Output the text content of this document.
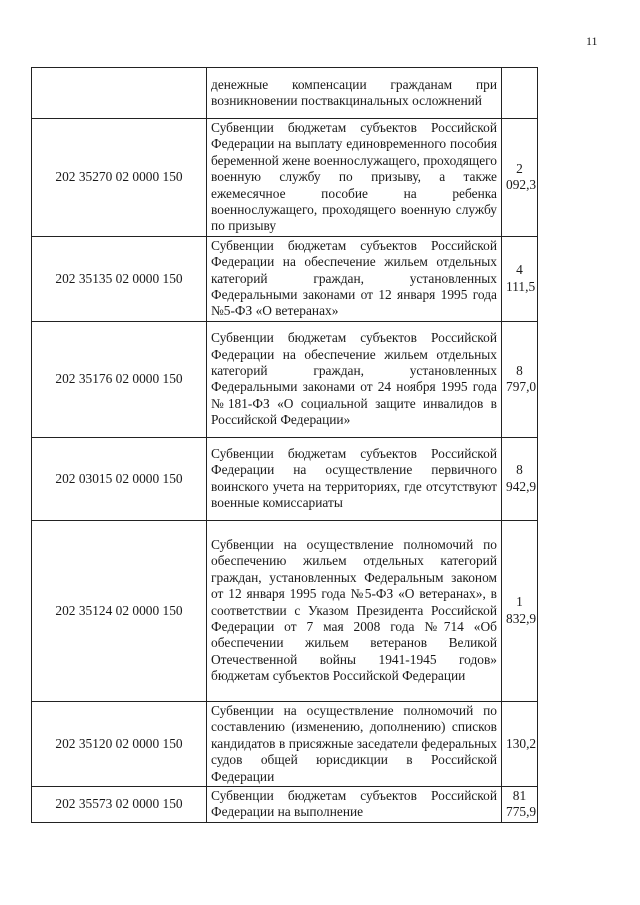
11
	денежные компенсации гражданам при возникновении поствакцинальных осложнений	
202 35270 02 0000 150	Субвенции бюджетам субъектов Российской Федерации на выплату единовременного пособия беременной жене военнослужащего, проходящего военную службу по призыву, а также ежемесячное пособие на ребенка военнослужащего, проходящего военную службу по призыву	2 092,3
202 35135 02 0000 150	Субвенции бюджетам субъектов Российской Федерации на обеспечение жильем отдельных категорий граждан, установленных Федеральными законами от 12 января 1995 года №5-ФЗ «О ветеранах»	4 111,5
202 35176 02 0000 150	Субвенции бюджетам субъектов Российской Федерации на обеспечение жильем отдельных категорий граждан, установленных Федеральными законами от 24 ноября 1995 года №181-ФЗ «О социальной защите инвалидов в Российской Федерации»	8 797,0
202 03015 02 0000 150	Субвенции бюджетам субъектов Российской Федерации на осуществление первичного воинского учета на территориях, где отсутствуют военные комиссариаты	8 942,9
202 35124 02 0000 150	Субвенции на осуществление полномочий по обеспечению жильем отдельных категорий граждан, установленных Федеральным законом от 12 января 1995 года №5-ФЗ «О ветеранах», в соответствии с Указом Президента Российской Федерации от 7 мая 2008 года №714 «Об обеспечении жильем ветеранов Великой Отечественной войны 1941-1945 годов» бюджетам субъектов Российской Федерации	1 832,9
202 35120 02 0000 150	Субвенции на осуществление полномочий по составлению (изменению, дополнению) списков кандидатов в присяжные заседатели федеральных судов общей юрисдикции в Российской Федерации	130,2
202 35573 02 0000 150	Субвенции бюджетам субъектов Российской Федерации на выполнение	81 775,9
